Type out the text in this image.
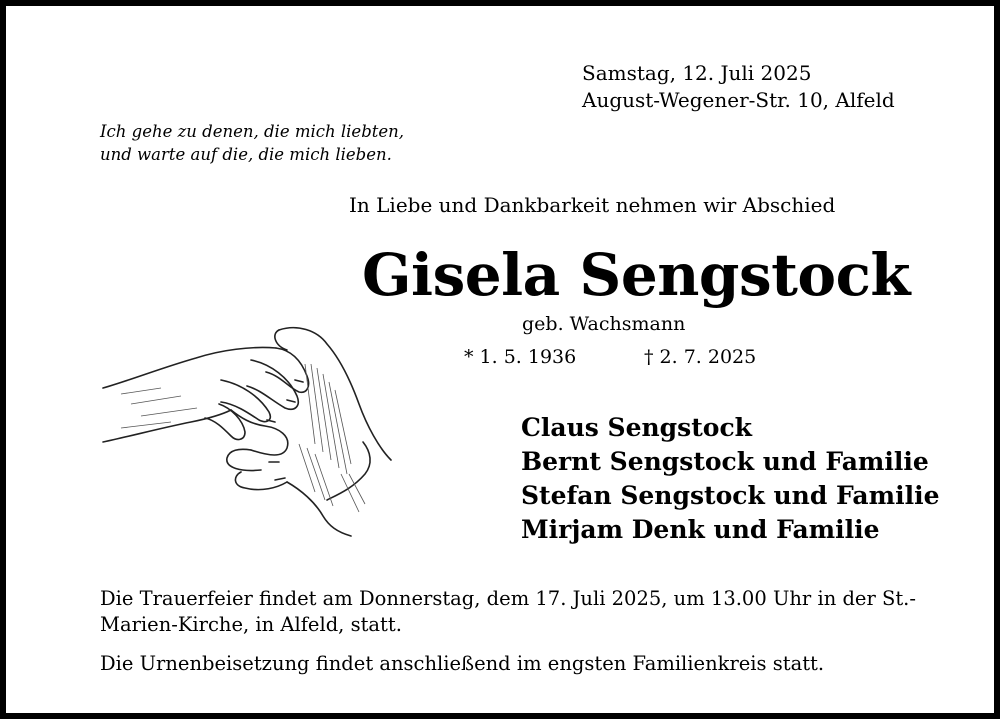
Samstag, 12. Juli 2025
August-Wegener-Str. 10, Alfeld
Ich gehe zu denen, die mich liebten,
und warte auf die, die mich lieben.
In Liebe und Dankbarkeit nehmen wir Abschied
Gisela Sengstock
geb. Wachsmann
* 1. 5. 1936	† 2. 7. 2025
Claus Sengstock
Bernt Sengstock und Familie
Stefan Sengstock und Familie
Mirjam Denk und Familie
Die Trauerfeier findet am Donnerstag, dem 17. Juli 2025, um 13.00 Uhr in der St.-Marien-Kirche, in Alfeld, statt.
Die Urnenbeisetzung findet anschließend im engsten Familienkreis statt.
